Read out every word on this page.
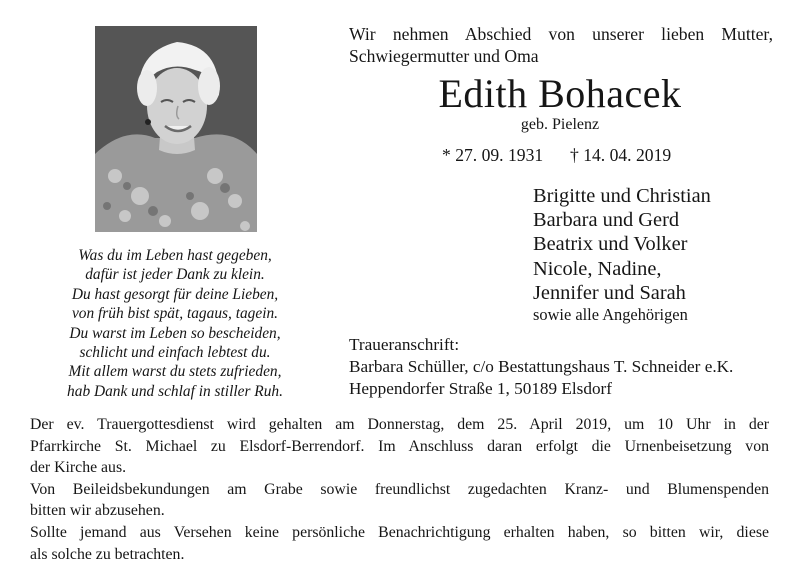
Was du im Leben hast gegeben,
dafür ist jeder Dank zu klein.
Du hast gesorgt für deine Lieben,
von früh bist spät, tagaus, tagein.
Du warst im Leben so bescheiden,
schlicht und einfach lebtest du.
Mit allem warst du stets zufrieden,
hab Dank und schlaf in stiller Ruh.
Wir nehmen Abschied von unserer lieben Mutter,
Schwiegermutter und Oma
Edith Bohacek
geb. Pielenz
* 27. 09. 1931 † 14. 04. 2019
Brigitte und Christian
Barbara und Gerd
Beatrix und Volker
Nicole, Nadine,
Jennifer und Sarah
sowie alle Angehörigen
Traueranschrift:
Barbara Schüller, c/o Bestattungshaus T. Schneider e.K.
Heppendorfer Straße 1, 50189 Elsdorf
Der ev. Trauergottesdienst wird gehalten am Donnerstag, dem 25. April 2019, um 10 Uhr in der
Pfarrkirche St. Michael zu Elsdorf-Berrendorf. Im Anschluss daran erfolgt die Urnenbeisetzung von
der Kirche aus.
Von Beileidsbekundungen am Grabe sowie freundlichst zugedachten Kranz- und Blumenspenden
bitten wir abzusehen.
Sollte jemand aus Versehen keine persönliche Benachrichtigung erhalten haben, so bitten wir, diese
als solche zu betrachten.
